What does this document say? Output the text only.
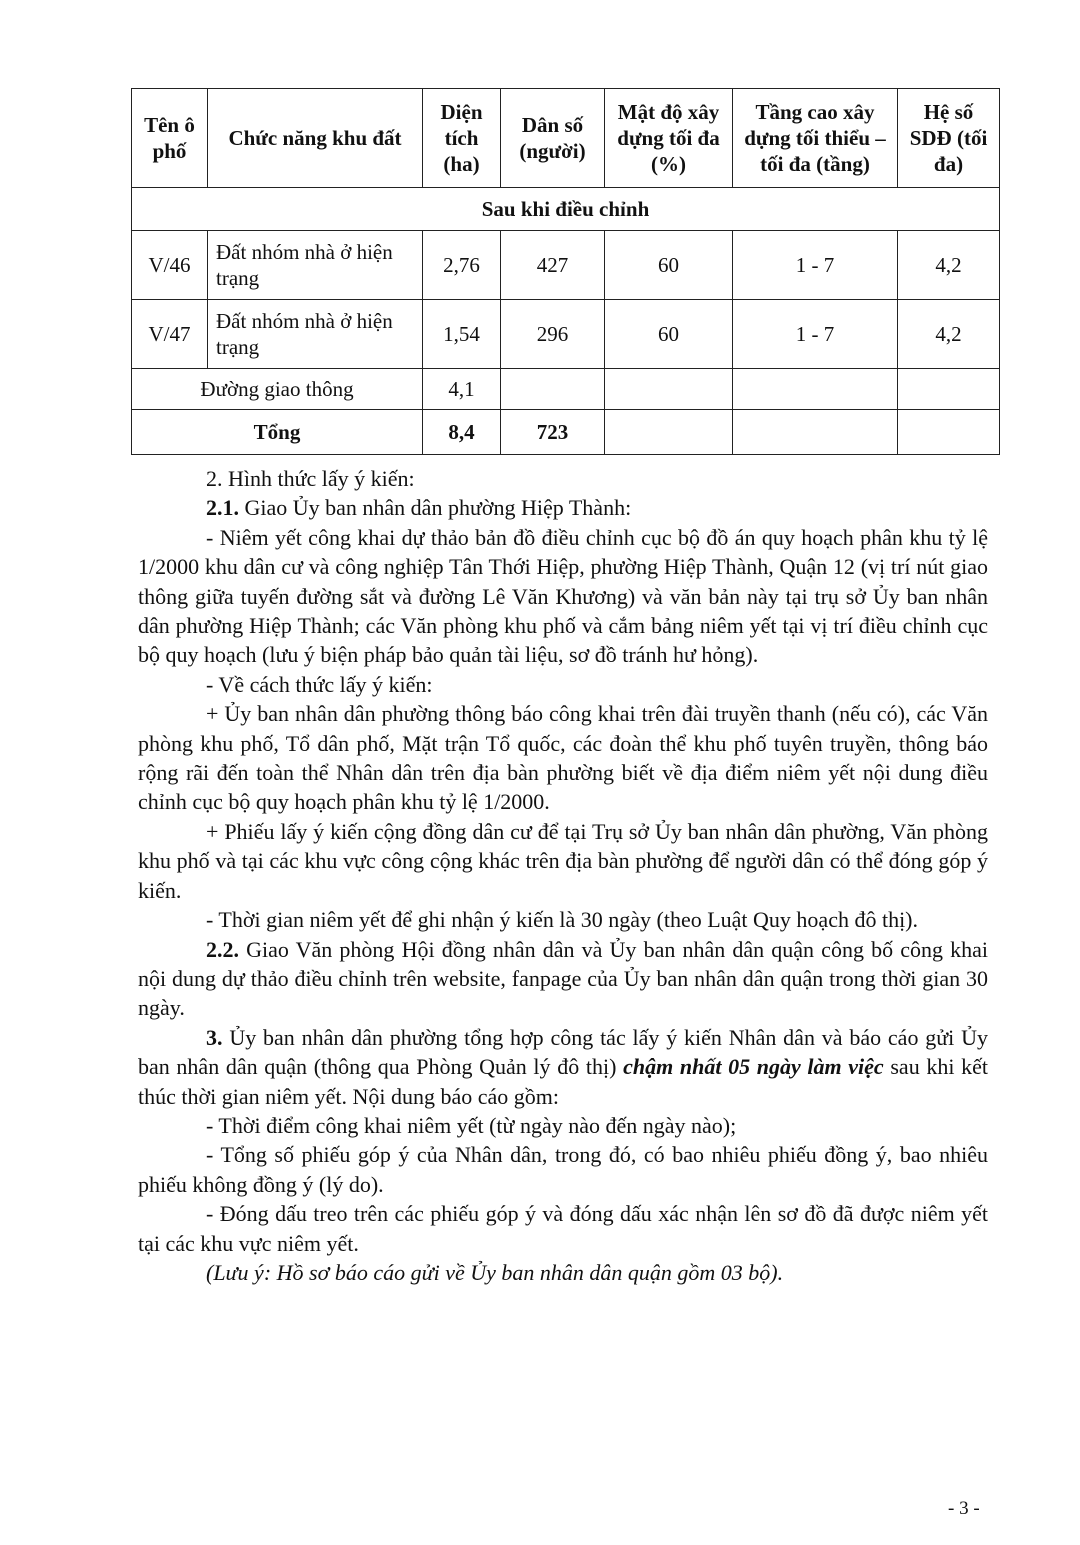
Tên ô phố	Chức năng khu đất	Diện tích (ha)	Dân số (người)	Mật độ xây dựng tối đa (%)	Tầng cao xây dựng tối thiểu – tối đa (tầng)	Hệ số SDĐ (tối đa)
Sau khi điều chỉnh						
V/46	Đất nhóm nhà ở hiện trạng	2,76	427	60	1 - 7	4,2
V/47	Đất nhóm nhà ở hiện trạng	1,54	296	60	1 - 7	4,2
Đường giao thông		4,1				
Tổng		8,4	723			

2. Hình thức lấy ý kiến:

2.1. Giao Ủy ban nhân dân phường Hiệp Thành:

- Niêm yết công khai dự thảo bản đồ điều chỉnh cục bộ đồ án quy hoạch phân khu tỷ lệ 1/2000 khu dân cư và công nghiệp Tân Thới Hiệp, phường Hiệp Thành, Quận 12 (vị trí nút giao thông giữa tuyến đường sắt và đường Lê Văn Khương) và văn bản này tại trụ sở Ủy ban nhân dân phường Hiệp Thành; các Văn phòng khu phố và cắm bảng niêm yết tại vị trí điều chỉnh cục bộ quy hoạch (lưu ý biện pháp bảo quản tài liệu, sơ đồ tránh hư hỏng).

- Về cách thức lấy ý kiến:

+ Ủy ban nhân dân phường thông báo công khai trên đài truyền thanh (nếu có), các Văn phòng khu phố, Tổ dân phố, Mặt trận Tổ quốc, các đoàn thể khu phố tuyên truyền, thông báo rộng rãi đến toàn thể Nhân dân trên địa bàn phường biết về địa điểm niêm yết nội dung điều chỉnh cục bộ quy hoạch phân khu tỷ lệ 1/2000.

+ Phiếu lấy ý kiến cộng đồng dân cư để tại Trụ sở Ủy ban nhân dân phường, Văn phòng khu phố và tại các khu vực công cộng khác trên địa bàn phường để người dân có thể đóng góp ý kiến.

- Thời gian niêm yết để ghi nhận ý kiến là 30 ngày (theo Luật Quy hoạch đô thị).

2.2. Giao Văn phòng Hội đồng nhân dân và Ủy ban nhân dân quận công bố công khai nội dung dự thảo điều chỉnh trên website, fanpage của Ủy ban nhân dân quận trong thời gian 30 ngày.

3. Ủy ban nhân dân phường tổng hợp công tác lấy ý kiến Nhân dân và báo cáo gửi Ủy ban nhân dân quận (thông qua Phòng Quản lý đô thị) chậm nhất 05 ngày làm việc sau khi kết thúc thời gian niêm yết. Nội dung báo cáo gồm:

- Thời điểm công khai niêm yết (từ ngày nào đến ngày nào);

- Tổng số phiếu góp ý của Nhân dân, trong đó, có bao nhiêu phiếu đồng ý, bao nhiêu phiếu không đồng ý (lý do).

- Đóng dấu treo trên các phiếu góp ý và đóng dấu xác nhận lên sơ đồ đã được niêm yết tại các khu vực niêm yết.

(Lưu ý: Hồ sơ báo cáo gửi về Ủy ban nhân dân quận gồm 03 bộ).

- 3 -
